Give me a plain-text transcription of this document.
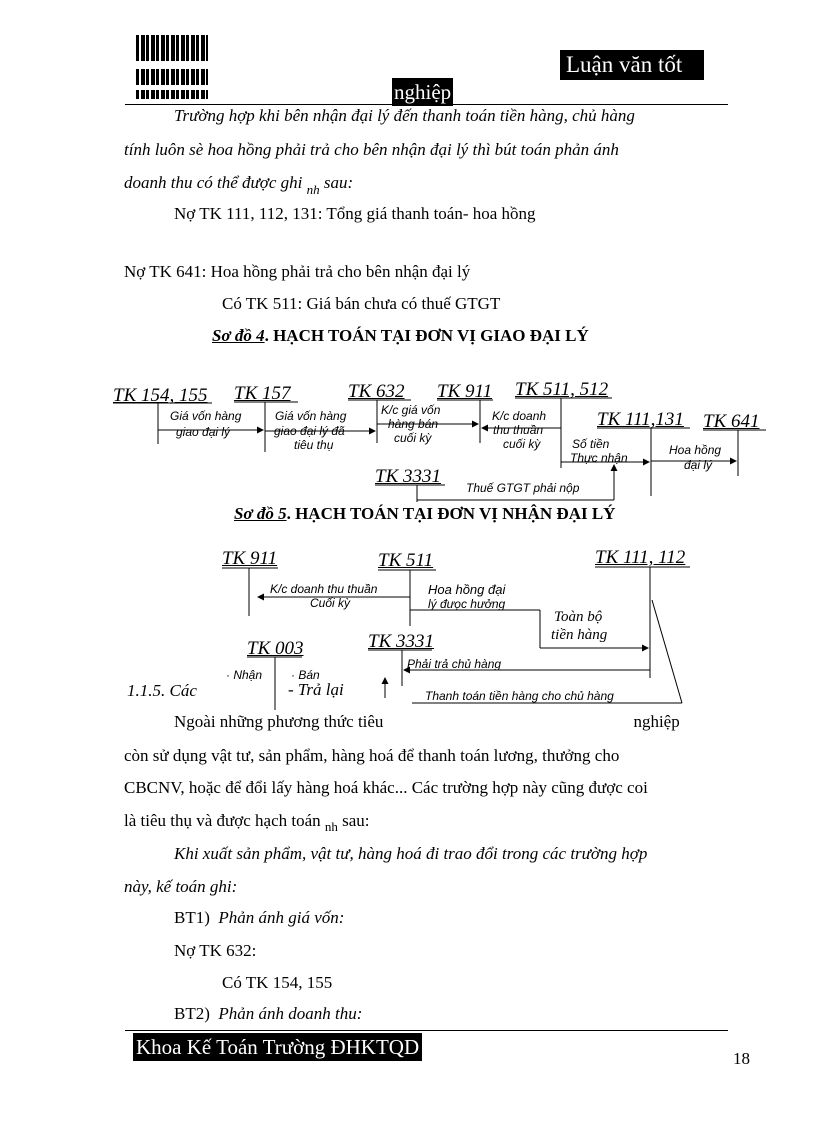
Luận văn tốt
nghiệp
Trường hợp khi bên nhận đại lý đến thanh toán tiền hàng, chủ hàng
tính luôn sè hoa hồng phải trả cho bên nhận đại lý thì bút toán phản ánh
doanh thu có thể được ghi $_{nh}$ sau:
Nợ TK 111, 112, 131: Tổng giá thanh toán- hoa hồng
Nợ TK 641: Hoa hồng phải trả cho bên nhận đại lý
Có TK 511: Giá bán chưa có thuế GTGT
Sơ đồ 4. HẠCH TOÁN TẠI ĐƠN VỊ GIAO ĐẠI LÝ
TK 154, 155 TK 157	TK 632 TK 911 TK 511, 512
TK 111,131 TK 641
TK 3331
Giá vốn hàng
giao đại lý
Giá vốn hàng
giao đại lý đã
tiêu thụ
K/c giá vốn
hàng bán
cuối kỳ
K/c doanh
thu thuần
cuối kỳ	Số tiền
Thực nhận
Hoa hồng
đại lý
Thuế GTGT phải nộp
Sơ đồ 5. HẠCH TOÁN TẠI ĐƠN VỊ NHẬN ĐẠI LÝ
TK 911	TK 511	TK 111, 112
TK 003	TK 3331
K/c doanh thu thuần
Cuối kỳ
Hoa hồng đại
lý đưọc hưởng
Toàn bộ
tiền hàng
· Nhận · Bán
- Trả lại
Phải trả chủ hàng
Thanh toán tiền hàng cho chủ hàng
1.1.5. Các
Ngoài những phương thức tiêu	nghiệp
còn sử dụng vật tư, sản phẩm, hàng hoá để thanh toán lương, thưởng cho
CBCNV, hoặc để đổi lấy hàng hoá khác... Các trường hợp này cũng được coi
là tiêu thụ và được hạch toán $_{nh}$ sau:
Khi xuất sản phẩm, vật tư, hàng hoá đi trao đổi trong các trường hợp
này, kế toán ghi:
BT1) Phản ánh giá vốn:
Nợ TK 632:
Có TK 154, 155
BT2) Phản ánh doanh thu:
Khoa Kế Toán Trường ĐHKTQD	18
